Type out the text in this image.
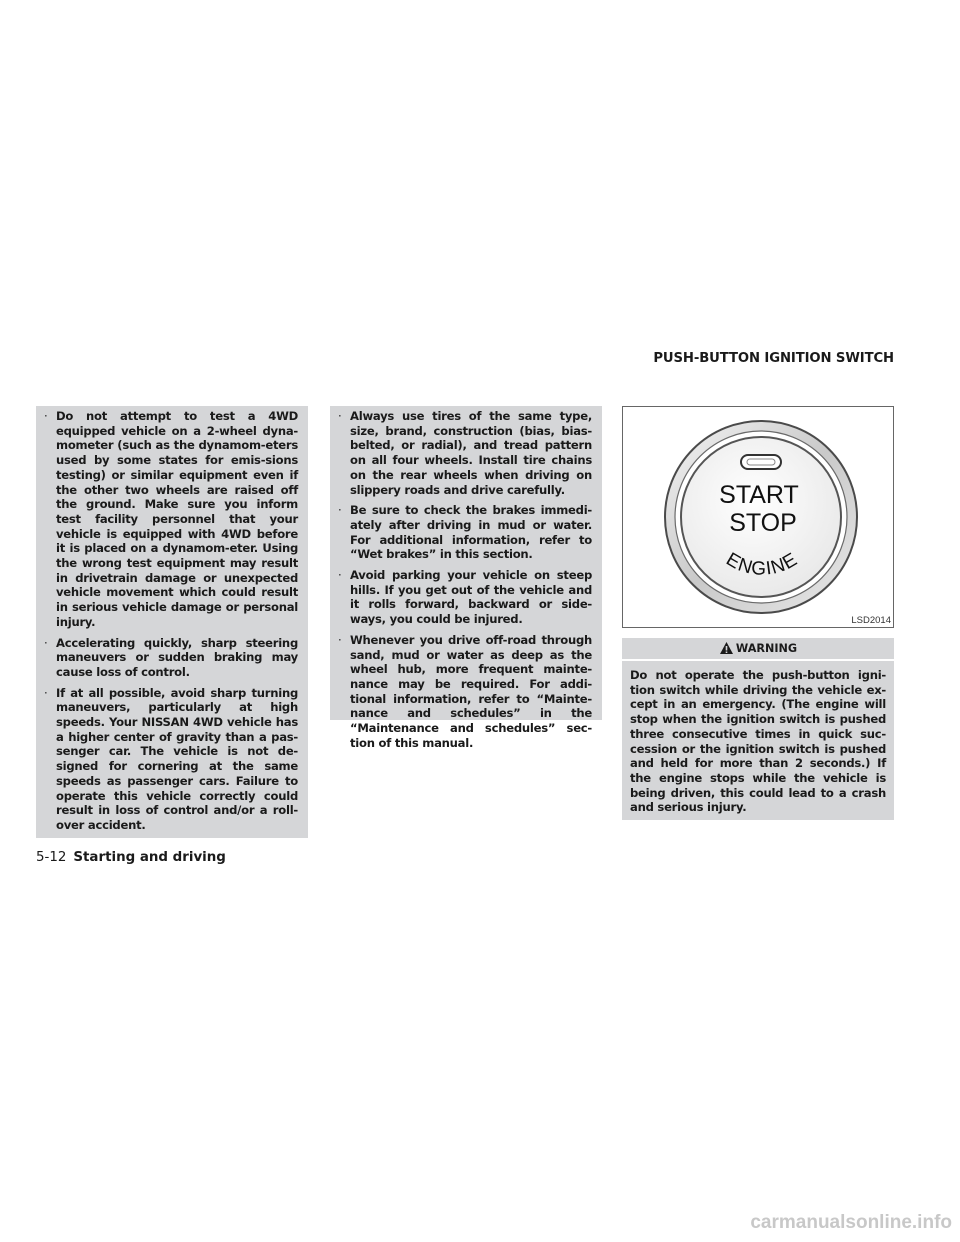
PUSH-BUTTON IGNITION SWITCH
· Do not attempt to test a 4WD equipped vehicle on a 2-wheel dyna-mometer (such as the dynamom-eters used by some states for emis-sions testing) or similar equipment even if the other two wheels are raised off the ground. Make sure you inform test facility personnel that your vehicle is equipped with 4WD before it is placed on a dynamom-eter. Using the wrong test equipment may result in drivetrain damage or unexpected vehicle movement which could result in serious vehicle damage or personal injury.
· Accelerating quickly, sharp steering maneuvers or sudden braking may cause loss of control.
· If at all possible, avoid sharp turning maneuvers, particularly at high speeds. Your NISSAN 4WD vehicle has a higher center of gravity than a pas-senger car. The vehicle is not de-signed for cornering at the same speeds as passenger cars. Failure to operate this vehicle correctly could result in loss of control and/or a roll-over accident.
· Always use tires of the same type, size, brand, construction (bias, bias-belted, or radial), and tread pattern on all four wheels. Install tire chains on the rear wheels when driving on slippery roads and drive carefully.
· Be sure to check the brakes immedi-ately after driving in mud or water. For additional information, refer to “Wet brakes” in this section.
· Avoid parking your vehicle on steep hills. If you get out of the vehicle and it rolls forward, backward or side-ways, you could be injured.
· Whenever you drive off-road through sand, mud or water as deep as the wheel hub, more frequent mainte-nance may be required. For addi-tional information, refer to “Mainte-nance and schedules” in the “Maintenance and schedules” sec-tion of this manual.
START
STOP
ENGINE
LSD2014
WARNING
Do not operate the push-button igni-tion switch while driving the vehicle ex-cept in an emergency. (The engine will stop when the ignition switch is pushed three consecutive times in quick suc-cession or the ignition switch is pushed and held for more than 2 seconds.) If the engine stops while the vehicle is being driven, this could lead to a crash and serious injury.
5-12 Starting and driving
carmanualsonline.info
